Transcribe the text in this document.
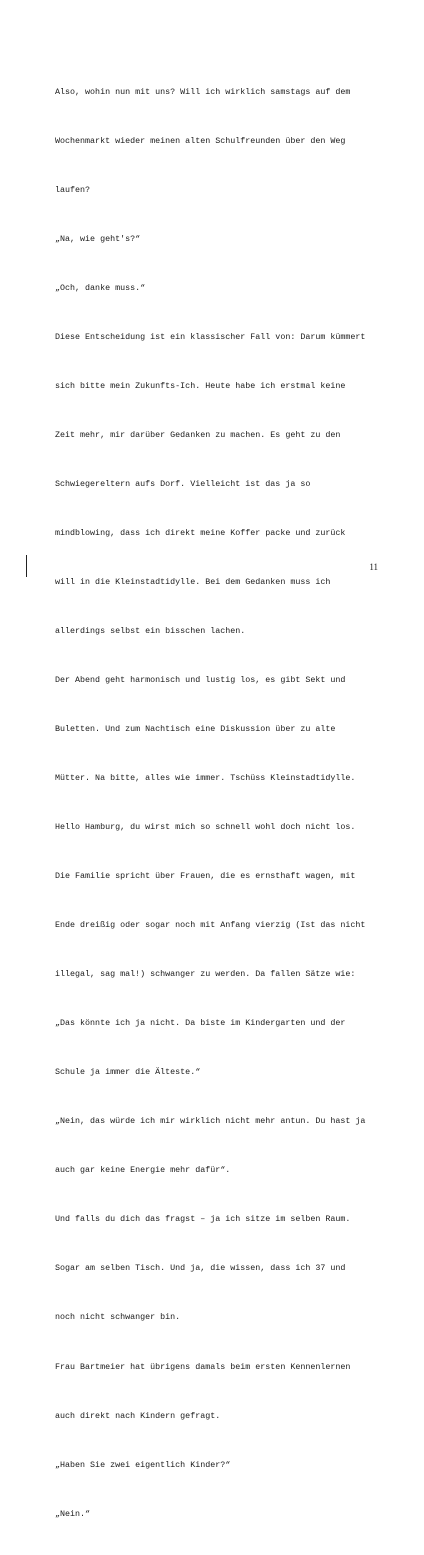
Also, wohin nun mit uns? Will ich wirklich samstags auf dem

Wochenmarkt wieder meinen alten Schulfreunden über den Weg

laufen?

„Na, wie geht's?“

„Och, danke muss.“

Diese Entscheidung ist ein klassischer Fall von: Darum kümmert

sich bitte mein Zukunfts-Ich. Heute habe ich erstmal keine

Zeit mehr, mir darüber Gedanken zu machen. Es geht zu den

Schwiegereltern aufs Dorf. Vielleicht ist das ja so

mindblowing, dass ich direkt meine Koffer packe und zurück

will in die Kleinstadtidylle. Bei dem Gedanken muss ich

allerdings selbst ein bisschen lachen.

Der Abend geht harmonisch und lustig los, es gibt Sekt und

Buletten. Und zum Nachtisch eine Diskussion über zu alte

Mütter. Na bitte, alles wie immer. Tschüss Kleinstadtidylle.

Hello Hamburg, du wirst mich so schnell wohl doch nicht los.

Die Familie spricht über Frauen, die es ernsthaft wagen, mit

Ende dreißig oder sogar noch mit Anfang vierzig (Ist das nicht

illegal, sag mal!) schwanger zu werden. Da fallen Sätze wie:

„Das könnte ich ja nicht. Da biste im Kindergarten und der

Schule ja immer die Älteste.“

„Nein, das würde ich mir wirklich nicht mehr antun. Du hast ja

auch gar keine Energie mehr dafür“.

Und falls du dich das fragst – ja ich sitze im selben Raum.

Sogar am selben Tisch. Und ja, die wissen, dass ich 37 und

noch nicht schwanger bin.

Frau Bartmeier hat übrigens damals beim ersten Kennenlernen

auch direkt nach Kindern gefragt.

„Haben Sie zwei eigentlich Kinder?“

„Nein.“

11
